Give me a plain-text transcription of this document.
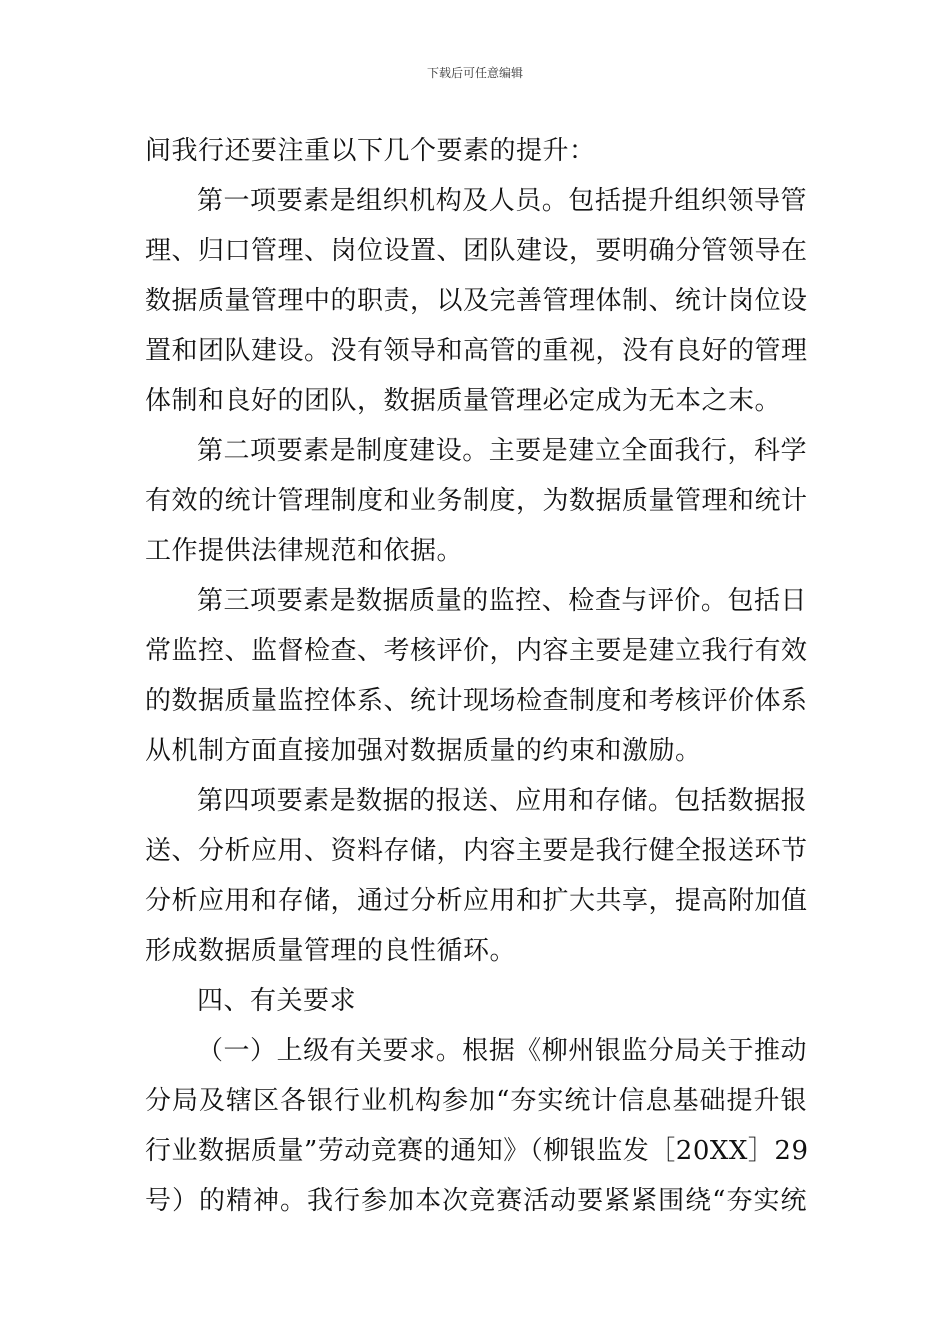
下载后可任意编辑
间我行还要注重以下几个要素的提升：
第一项要素是组织机构及人员。包括提升组织领导管
理、归口管理、岗位设置、团队建设，要明确分管领导在
数据质量管理中的职责，以及完善管理体制、统计岗位设
置和团队建设。没有领导和高管的重视，没有良好的管理
体制和良好的团队，数据质量管理必定成为无本之末。
第二项要素是制度建设。主要是建立全面我行，科学
有效的统计管理制度和业务制度，为数据质量管理和统计
工作提供法律规范和依据。
第三项要素是数据质量的监控、检查与评价。包括日
常监控、监督检查、考核评价，内容主要是建立我行有效
的数据质量监控体系、统计现场检查制度和考核评价体系
从机制方面直接加强对数据质量的约束和激励。
第四项要素是数据的报送、应用和存储。包括数据报
送、分析应用、资料存储，内容主要是我行健全报送环节
分析应用和存储，通过分析应用和扩大共享，提高附加值
形成数据质量管理的良性循环。
四、有关要求
（一）上级有关要求。根据《柳州银监分局关于推动
分局及辖区各银行业机构参加“夯实统计信息基础提升银
行业数据质量”劳动竞赛的通知》（柳银监发［20XX］29
号）的精神。我行参加本次竞赛活动要紧紧围绕“夯实统
